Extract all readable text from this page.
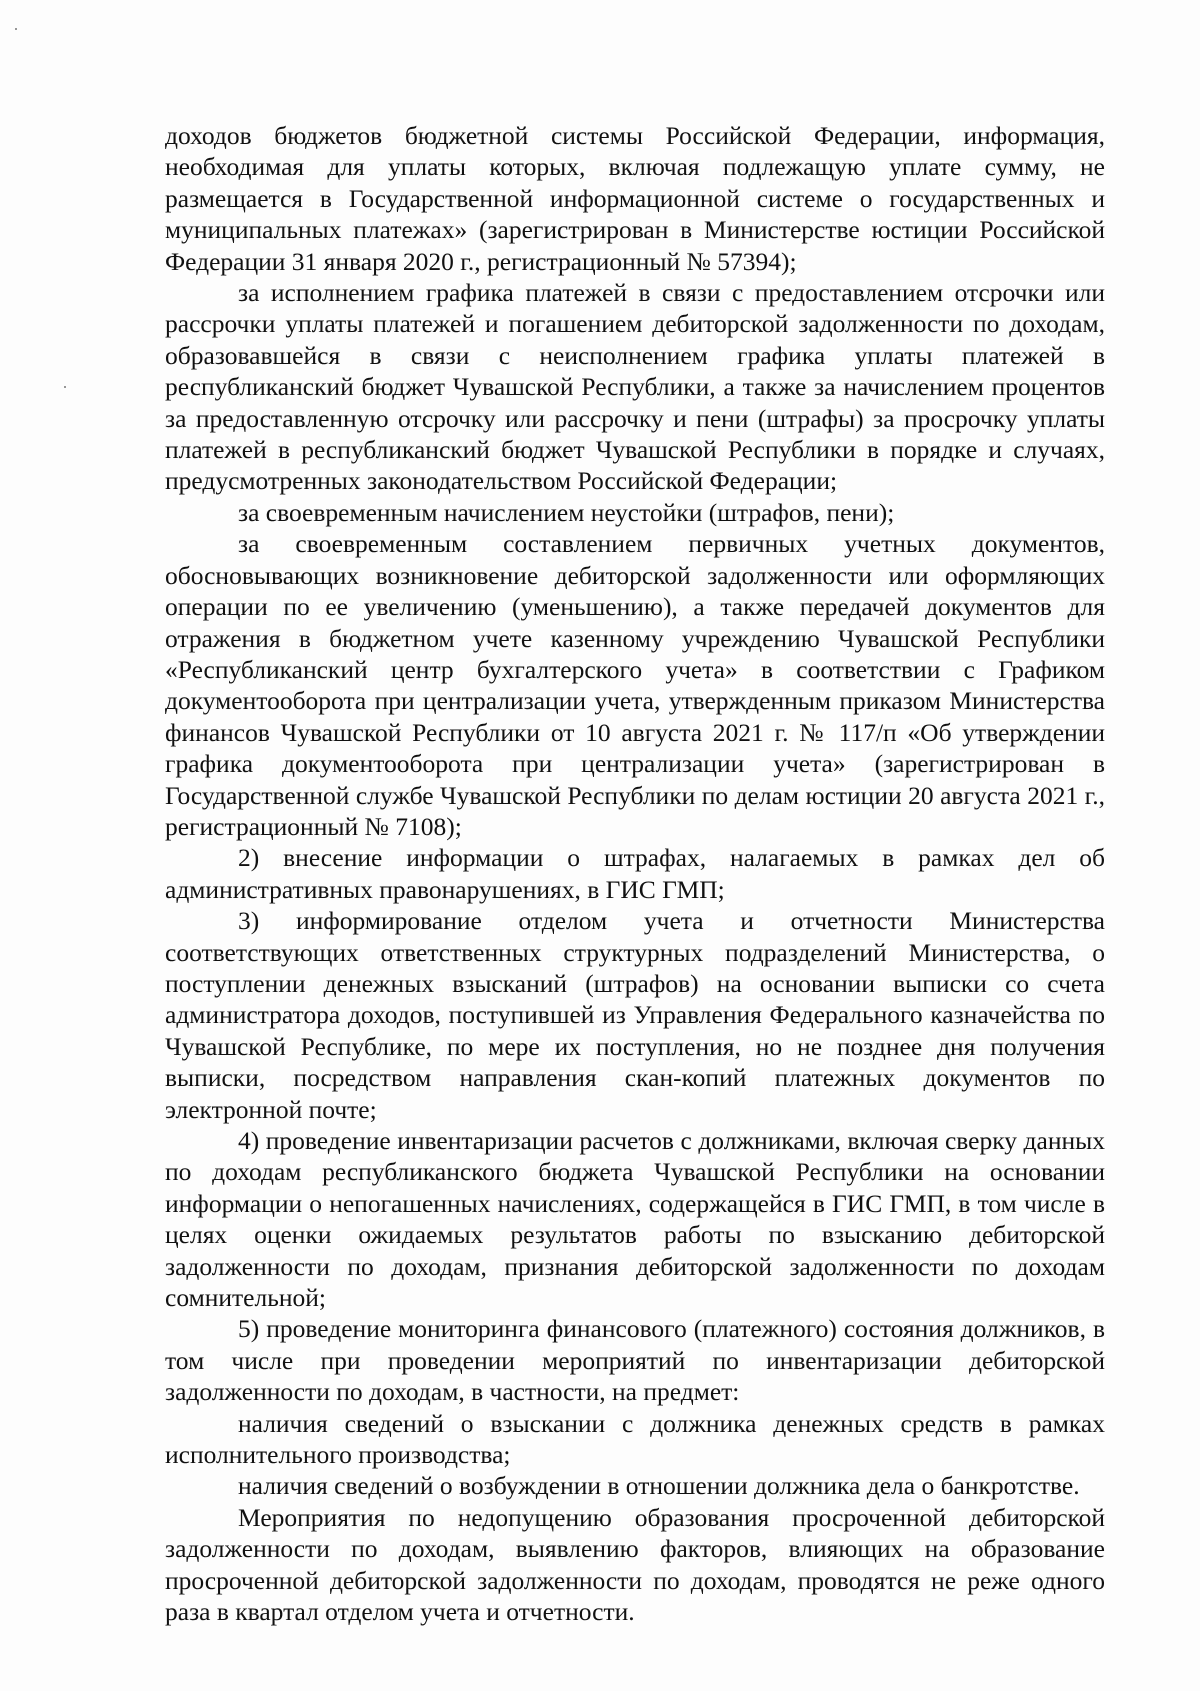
доходов бюджетов бюджетной системы Российской Федерации, информация, необходимая для уплаты которых, включая подлежащую уплате сумму, не размещается в Государственной информационной системе о государственных и муниципальных платежах» (зарегистрирован в Министерстве юстиции Российской Федерации 31 января 2020 г., регистрационный № 57394);

за исполнением графика платежей в связи с предоставлением отсрочки или рассрочки уплаты платежей и погашением дебиторской задолженности по доходам, образовавшейся в связи с неисполнением графика уплаты платежей в республиканский бюджет Чувашской Республики, а также за начислением процентов за предоставленную отсрочку или рассрочку и пени (штрафы) за просрочку уплаты платежей в республиканский бюджет Чувашской Республики в порядке и случаях, предусмотренных законодательством Российской Федерации;

за своевременным начислением неустойки (штрафов, пени);

за своевременным составлением первичных учетных документов, обосновывающих возникновение дебиторской задолженности или оформляющих операции по ее увеличению (уменьшению), а также передачей документов для отражения в бюджетном учете казенному учреждению Чувашской Республики «Республиканский центр бухгалтерского учета» в соответствии с Графиком документооборота при централизации учета, утвержденным приказом Министерства финансов Чувашской Республики от 10 августа 2021 г. № 117/п «Об утверждении графика документооборота при централизации учета» (зарегистрирован в Государственной службе Чувашской Республики по делам юстиции 20 августа 2021 г., регистрационный № 7108);

2) внесение информации о штрафах, налагаемых в рамках дел об административных правонарушениях, в ГИС ГМП;

3) информирование отделом учета и отчетности Министерства соответствующих ответственных структурных подразделений Министерства, о поступлении денежных взысканий (штрафов) на основании выписки со счета администратора доходов, поступившей из Управления Федерального казначейства по Чувашской Республике, по мере их поступления, но не позднее дня получения выписки, посредством направления скан-копий платежных документов по электронной почте;

4) проведение инвентаризации расчетов с должниками, включая сверку данных по доходам республиканского бюджета Чувашской Республики на основании информации о непогашенных начислениях, содержащейся в ГИС ГМП, в том числе в целях оценки ожидаемых результатов работы по взысканию дебиторской задолженности по доходам, признания дебиторской задолженности по доходам сомнительной;

5) проведение мониторинга финансового (платежного) состояния должников, в том числе при проведении мероприятий по инвентаризации дебиторской задолженности по доходам, в частности, на предмет:

наличия сведений о взыскании с должника денежных средств в рамках исполнительного производства;

наличия сведений о возбуждении в отношении должника дела о банкротстве.

Мероприятия по недопущению образования просроченной дебиторской задолженности по доходам, выявлению факторов, влияющих на образование просроченной дебиторской задолженности по доходам, проводятся не реже одного раза в квартал отделом учета и отчетности.
